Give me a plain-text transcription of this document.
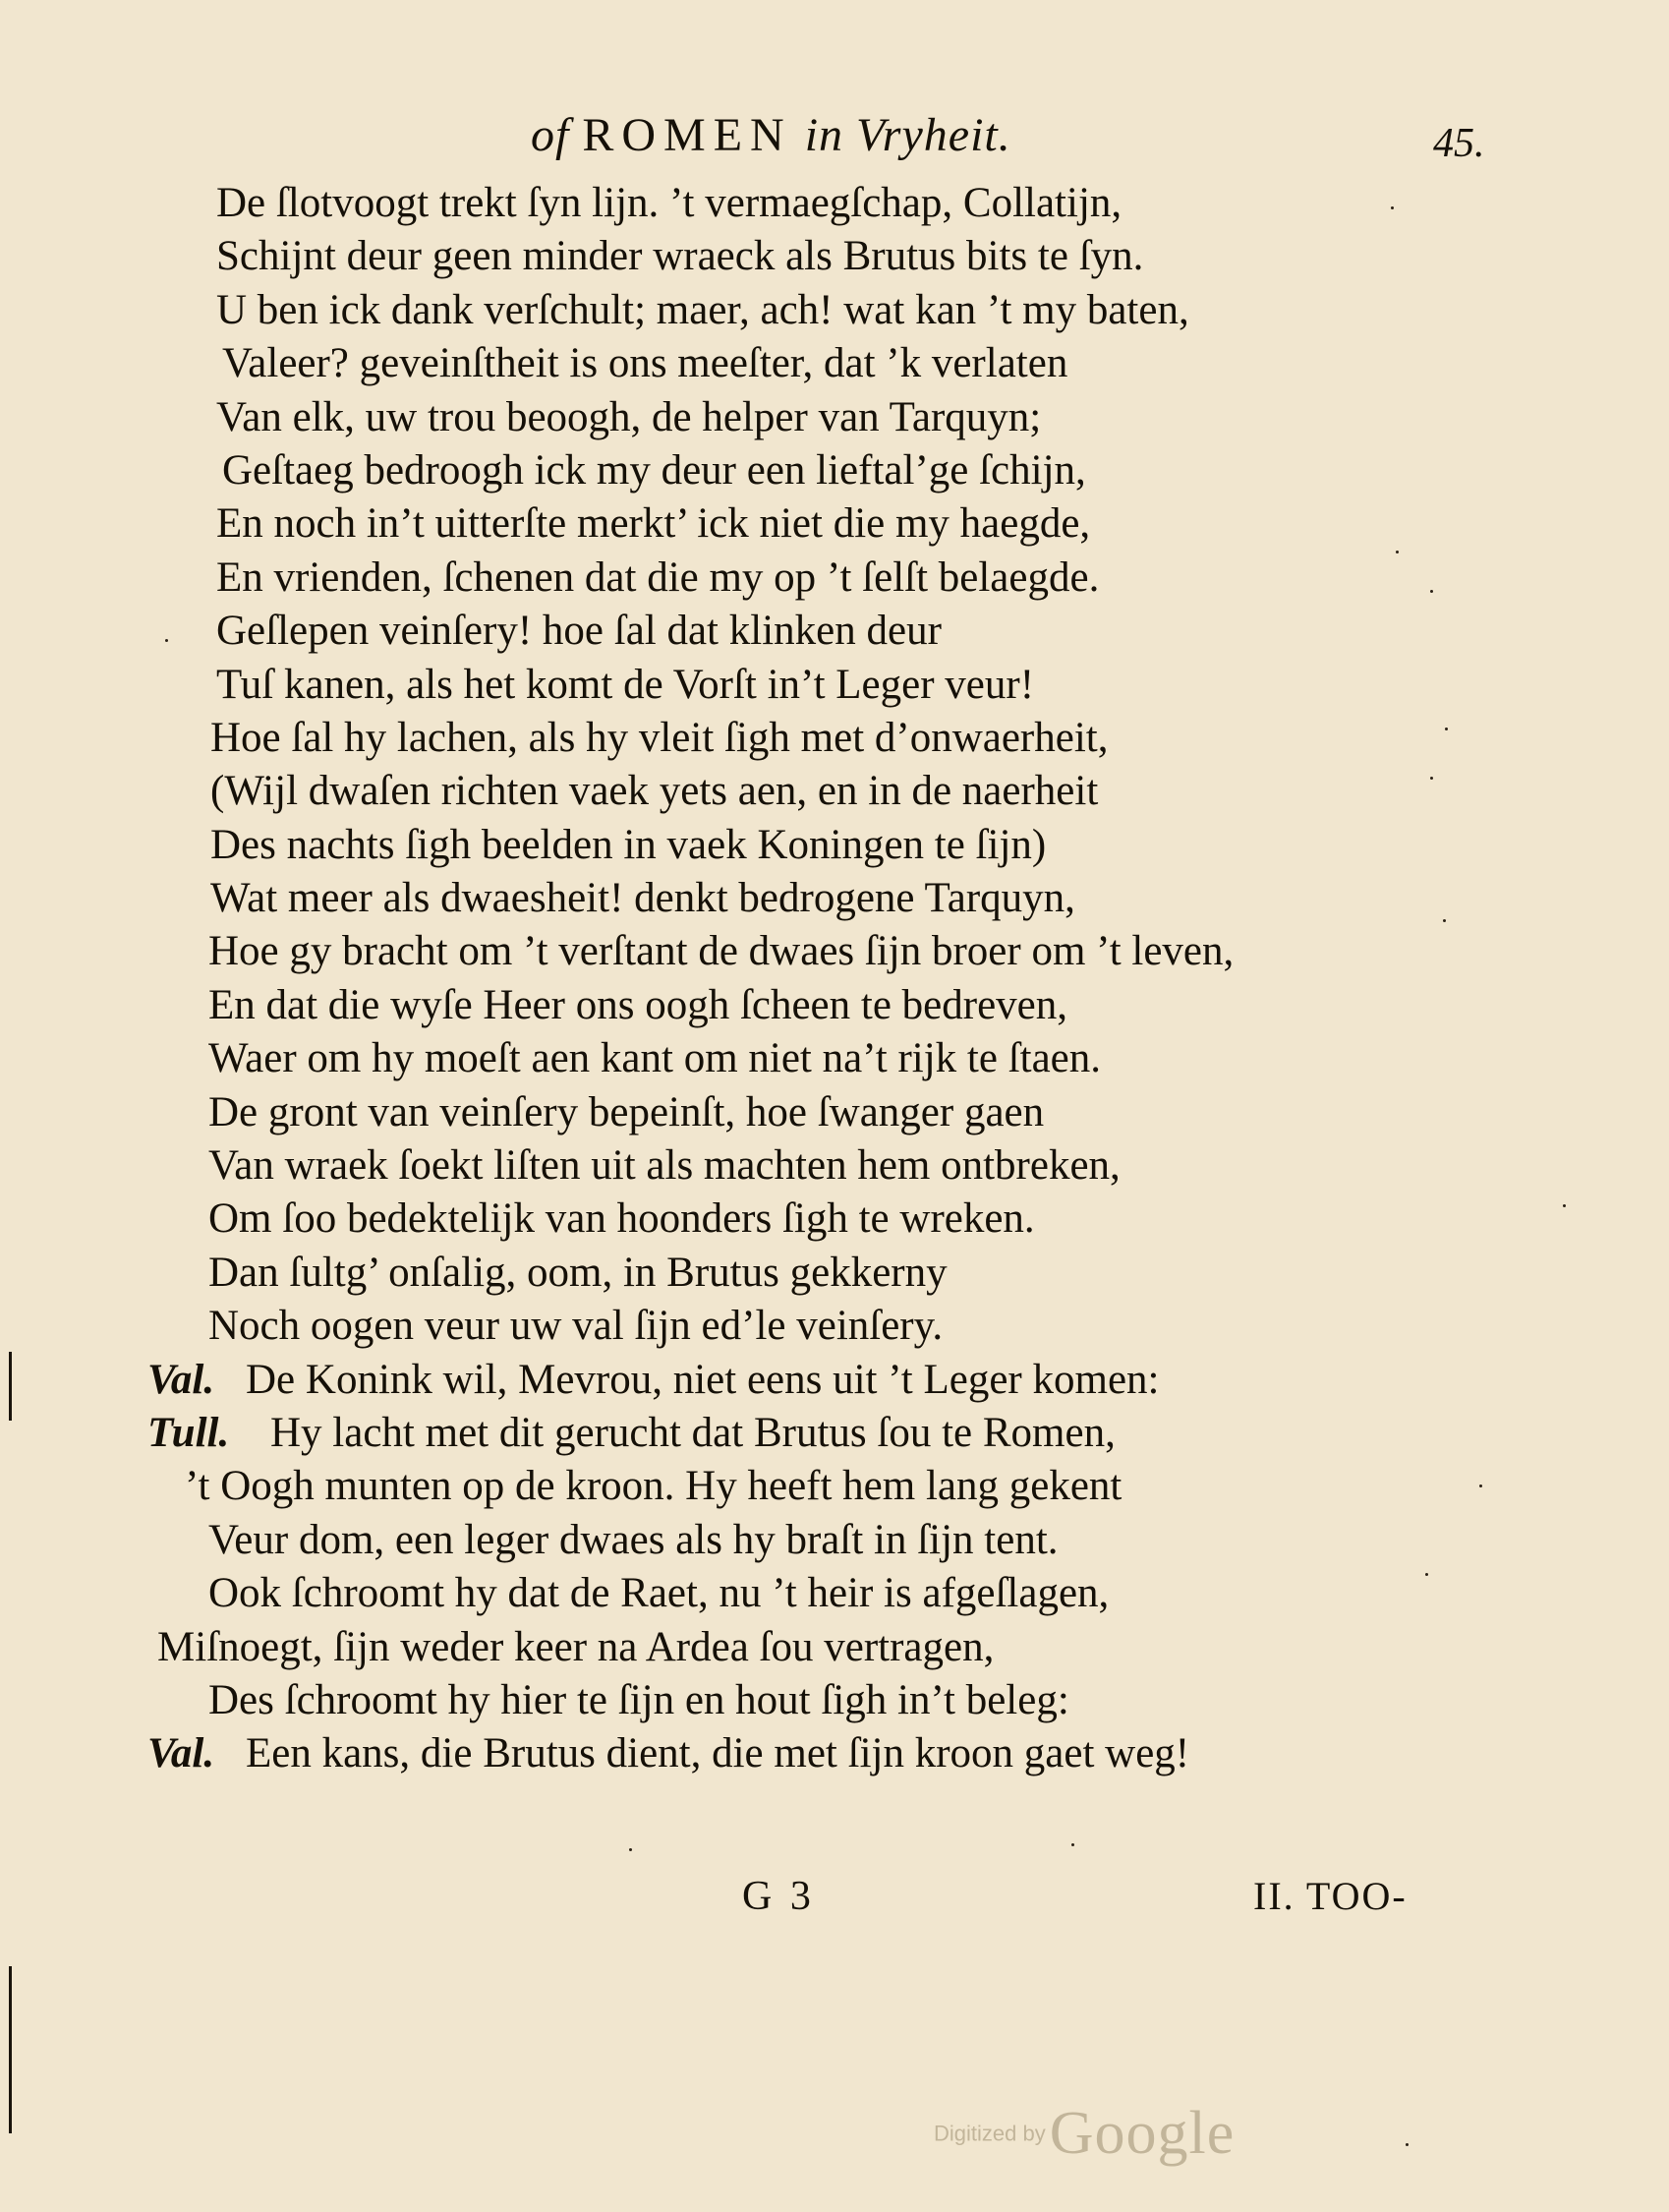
of ROMEN in Vryheit.	45.
De ſlotvoogt trekt ſyn lijn. ’t vermaegſchap, Collatijn,
Schijnt deur geen minder wraeck als Brutus bits te ſyn.
U ben ick dank verſchult; maer, ach! wat kan ’t my baten,
Valeer? geveinſtheit is ons meeſter, dat ’k verlaten
Van elk, uw trou beoogh, de helper van Tarquyn;
Geſtaeg bedroogh ick my deur een lieftal’ge ſchijn,
En noch in’t uitterſte merkt’ ick niet die my haegde,
En vrienden, ſchenen dat die my op ’t ſelſt belaegde.
Geſlepen veinſery! hoe ſal dat klinken deur
Tuſ kanen, als het komt de Vorſt in’t Leger veur!
Hoe ſal hy lachen, als hy vleit ſigh met d’onwaerheit,
(Wijl dwaſen richten vaek yets aen, en in de naerheit
Des nachts ſigh beelden in vaek Koningen te ſijn)
Wat meer als dwaesheit! denkt bedrogene Tarquyn,
Hoe gy bracht om ’t verſtant de dwaes ſijn broer om ’t leven,
En dat die wyſe Heer ons oogh ſcheen te bedreven,
Waer om hy moeſt aen kant om niet na’t rijk te ſtaen.
De gront van veinſery bepeinſt, hoe ſwanger gaen
Van wraek ſoekt liſten uit als machten hem ontbreken,
Om ſoo bedektelijk van hoonders ſigh te wreken.
Dan ſultg’ onſalig, oom, in Brutus gekkerny
Noch oogen veur uw val ſijn ed’le veinſery.
Val. De Konink wil, Mevrou, niet eens uit ’t Leger komen:
Tull. Hy lacht met dit gerucht dat Brutus ſou te Romen,
’t Oogh munten op de kroon. Hy heeft hem lang gekent
Veur dom, een leger dwaes als hy braſt in ſijn tent.
Ook ſchroomt hy dat de Raet, nu ’t heir is afgeſlagen,
Miſnoegt, ſijn weder keer na Ardea ſou vertragen,
Des ſchroomt hy hier te ſijn en hout ſigh in’t beleg:
Val. Een kans, die Brutus dient, die met ſijn kroon gaet weg!
G 3	II. TOO-
Digitized by Google
